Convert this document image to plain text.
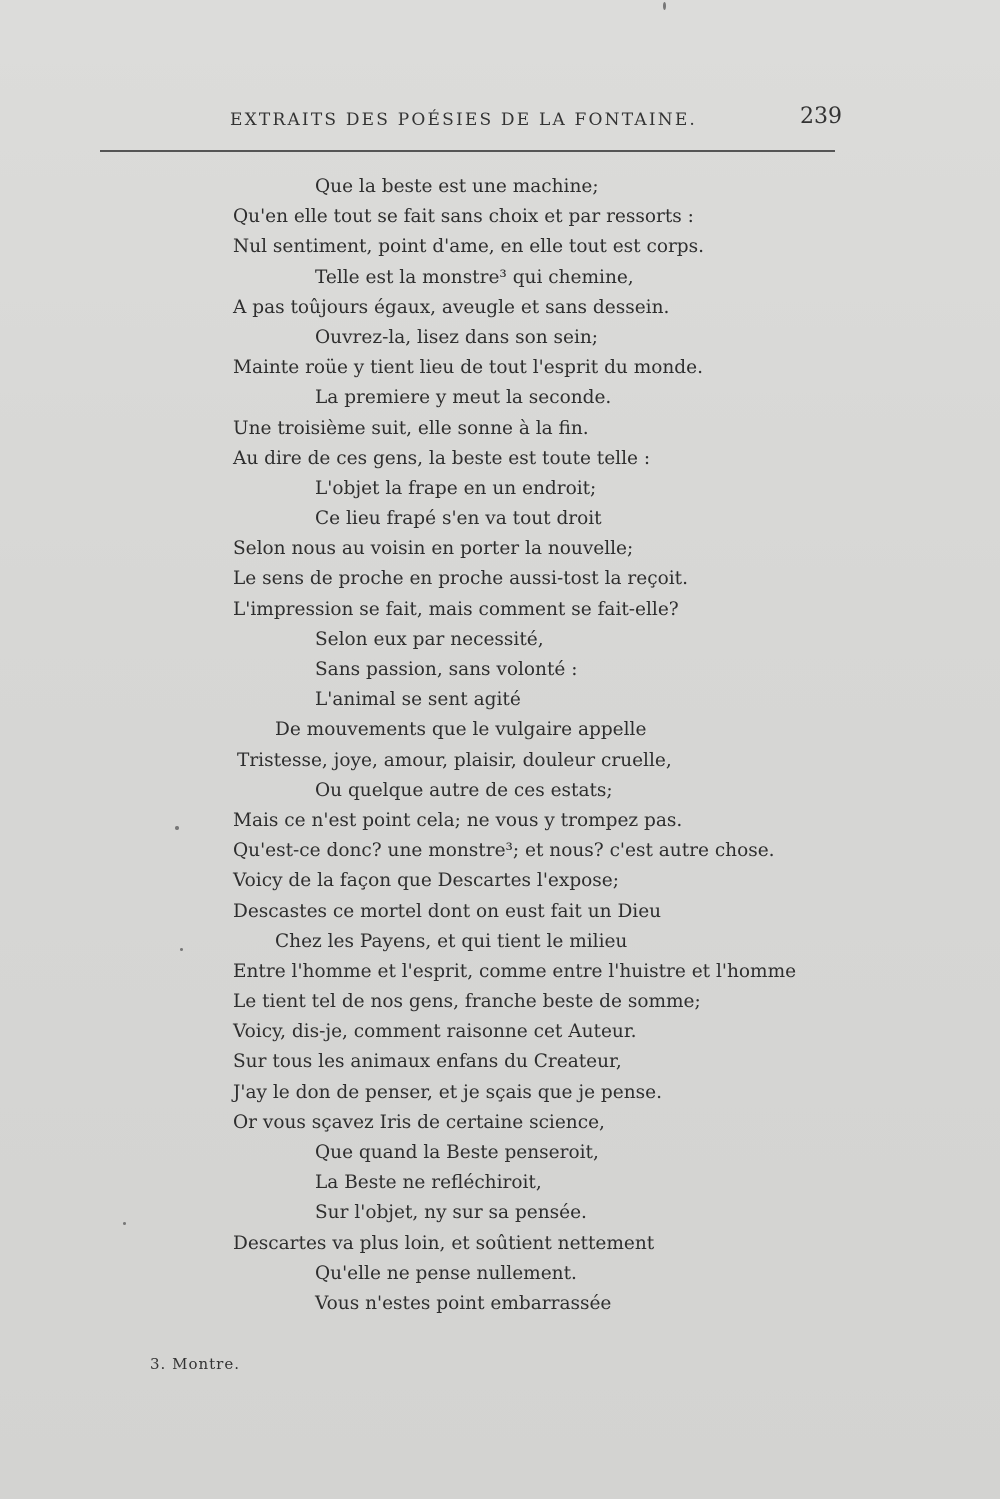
EXTRAITS DES POÉSIES DE LA FONTAINE.	239
Que la beste est une machine;
Qu'en elle tout se fait sans choix et par ressorts :
Nul sentiment, point d'ame, en elle tout est corps.
Telle est la monstre³ qui chemine,
A pas toûjours égaux, aveugle et sans dessein.
Ouvrez-la, lisez dans son sein;
Mainte roüe y tient lieu de tout l'esprit du monde.
La premiere y meut la seconde.
Une troisième suit, elle sonne à la fin.
Au dire de ces gens, la beste est toute telle :
L'objet la frape en un endroit;
Ce lieu frapé s'en va tout droit
Selon nous au voisin en porter la nouvelle;
Le sens de proche en proche aussi-tost la reçoit.
L'impression se fait, mais comment se fait-elle?
Selon eux par necessité,
Sans passion, sans volonté :
L'animal se sent agité
De mouvements que le vulgaire appelle
Tristesse, joye, amour, plaisir, douleur cruelle,
Ou quelque autre de ces estats;
Mais ce n'est point cela; ne vous y trompez pas.
Qu'est-ce donc? une monstre³; et nous? c'est autre chose.
Voicy de la façon que Descartes l'expose;
Descastes ce mortel dont on eust fait un Dieu
Chez les Payens, et qui tient le milieu
Entre l'homme et l'esprit, comme entre l'huistre et l'homme
Le tient tel de nos gens, franche beste de somme;
Voicy, dis-je, comment raisonne cet Auteur.
Sur tous les animaux enfans du Createur,
J'ay le don de penser, et je sçais que je pense.
Or vous sçavez Iris de certaine science,
Que quand la Beste penseroit,
La Beste ne refléchiroit,
Sur l'objet, ny sur sa pensée.
Descartes va plus loin, et soûtient nettement
Qu'elle ne pense nullement.
Vous n'estes point embarrassée
3. Montre.
